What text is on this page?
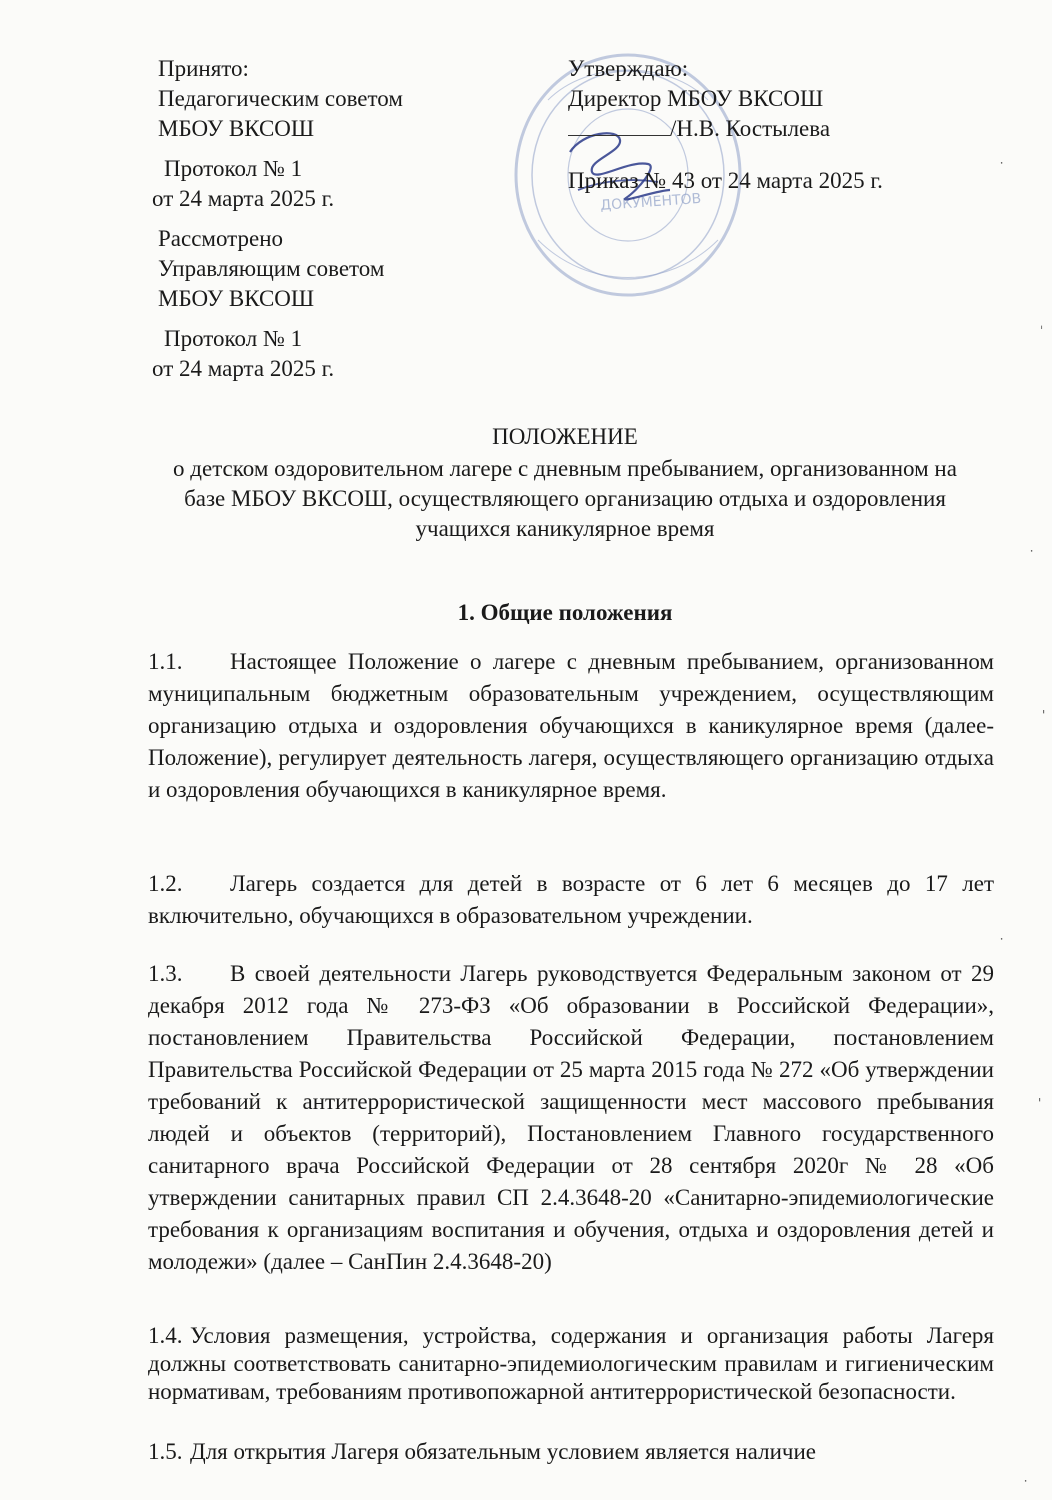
Принято:
Педагогическим советом
МБОУ ВКСОШ
Протокол № 1
от 24 марта 2025 г.
Рассмотрено
Управляющим советом
МБОУ ВКСОШ
Протокол № 1
от 24 марта 2025 г.
ДОКУМЕНТОВ
Утверждаю:
Директор МБОУ ВКСОШ
/Н.В. Костылева
Приказ № 43 от 24 марта 2025 г.
ПОЛОЖЕНИЕ
о детском оздоровительном лагере с дневным пребыванием, организованном на
базе МБОУ ВКСОШ, осуществляющего организацию отдыха и оздоровления
учащихся каникулярное время
1. Общие положения
1.1. Настоящее Положение о лагере с дневным пребыванием, организованном муниципальным бюджетным образовательным учреждением, осуществляющим организацию отдыха и оздоровления обучающихся в каникулярное время (далее- Положение), регулирует деятельность лагеря, осуществляющего организацию отдыха и оздоровления обучающихся в каникулярное время.
1.2. Лагерь создается для детей в возрасте от 6 лет 6 месяцев до 17 лет включительно, обучающихся в образовательном учреждении.
1.3. В своей деятельности Лагерь руководствуется Федеральным законом от 29 декабря 2012 года № 273-ФЗ «Об образовании в Российской Федерации», постановлением Правительства Российской Федерации, постановлением Правительства Российской Федерации от 25 марта 2015 года № 272 «Об утверждении требований к антитеррористической защищенности мест массового пребывания людей и объектов (территорий), Постановлением Главного государственного санитарного врача Российской Федерации от 28 сентября 2020г № 28 «Об утверждении санитарных правил СП 2.4.3648-20 «Санитарно-эпидемиологические требования к организациям воспитания и обучения, отдыха и оздоровления детей и молодежи» (далее – СанПин 2.4.3648-20)
1.4. Условия размещения, устройства, содержания и организация работы Лагеря должны соответствовать санитарно-эпидемиологическим правилам и гигиеническим нормативам, требованиям противопожарной антитеррористической безопасности.
1.5. Для открытия Лагеря обязательным условием является наличие
⸳
ˌ
⸳
'
⸳
'
⸳
